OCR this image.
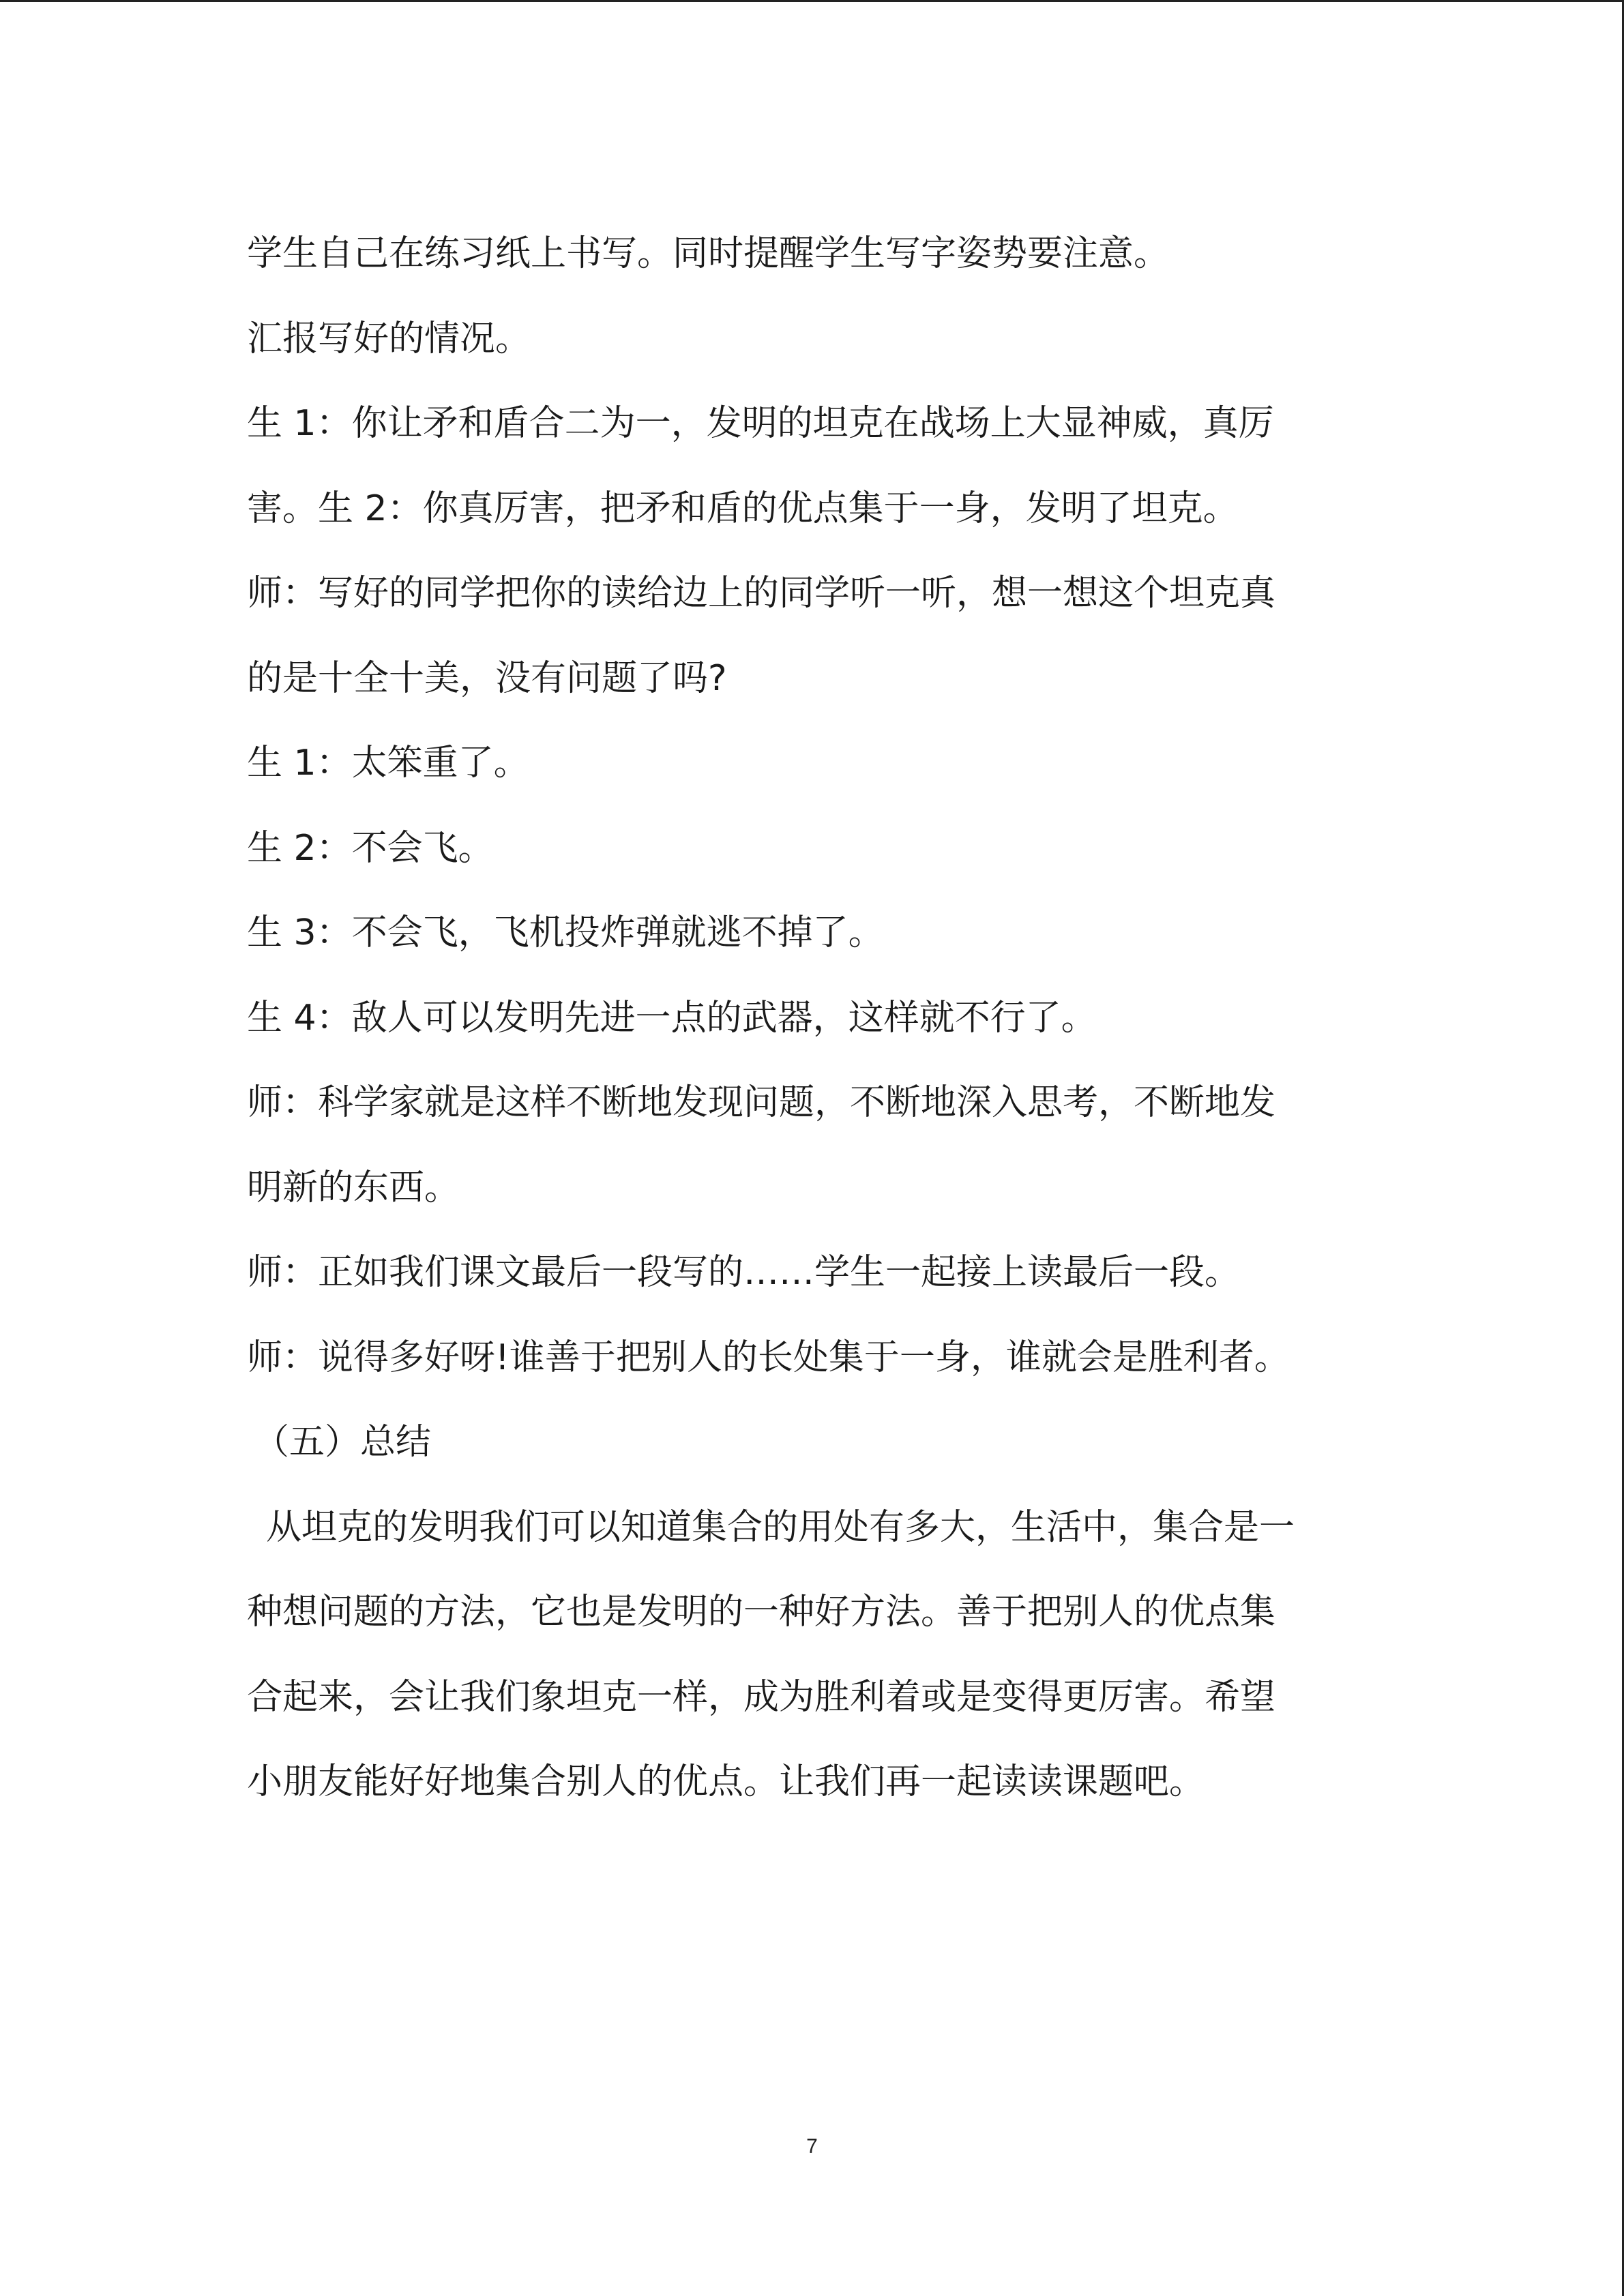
学生自己在练习纸上书写。同时提醒学生写字姿势要注意。
汇报写好的情况。
生 1：你让矛和盾合二为一，发明的坦克在战场上大显神威，真厉
害。生 2：你真厉害，把矛和盾的优点集于一身，发明了坦克。
师：写好的同学把你的读给边上的同学听一听，想一想这个坦克真
的是十全十美，没有问题了吗?
生 1：太笨重了。
生 2：不会飞。
生 3：不会飞，飞机投炸弹就逃不掉了。
生 4：敌人可以发明先进一点的武器，这样就不行了。
师：科学家就是这样不断地发现问题，不断地深入思考，不断地发
明新的东西。
师：正如我们课文最后一段写的……学生一起接上读最后一段。
师：说得多好呀!谁善于把别人的长处集于一身，谁就会是胜利者。
（五）总结
从坦克的发明我们可以知道集合的用处有多大，生活中，集合是一
种想问题的方法，它也是发明的一种好方法。善于把别人的优点集
合起来，会让我们象坦克一样，成为胜利着或是变得更厉害。希望
小朋友能好好地集合别人的优点。让我们再一起读读课题吧。
7
